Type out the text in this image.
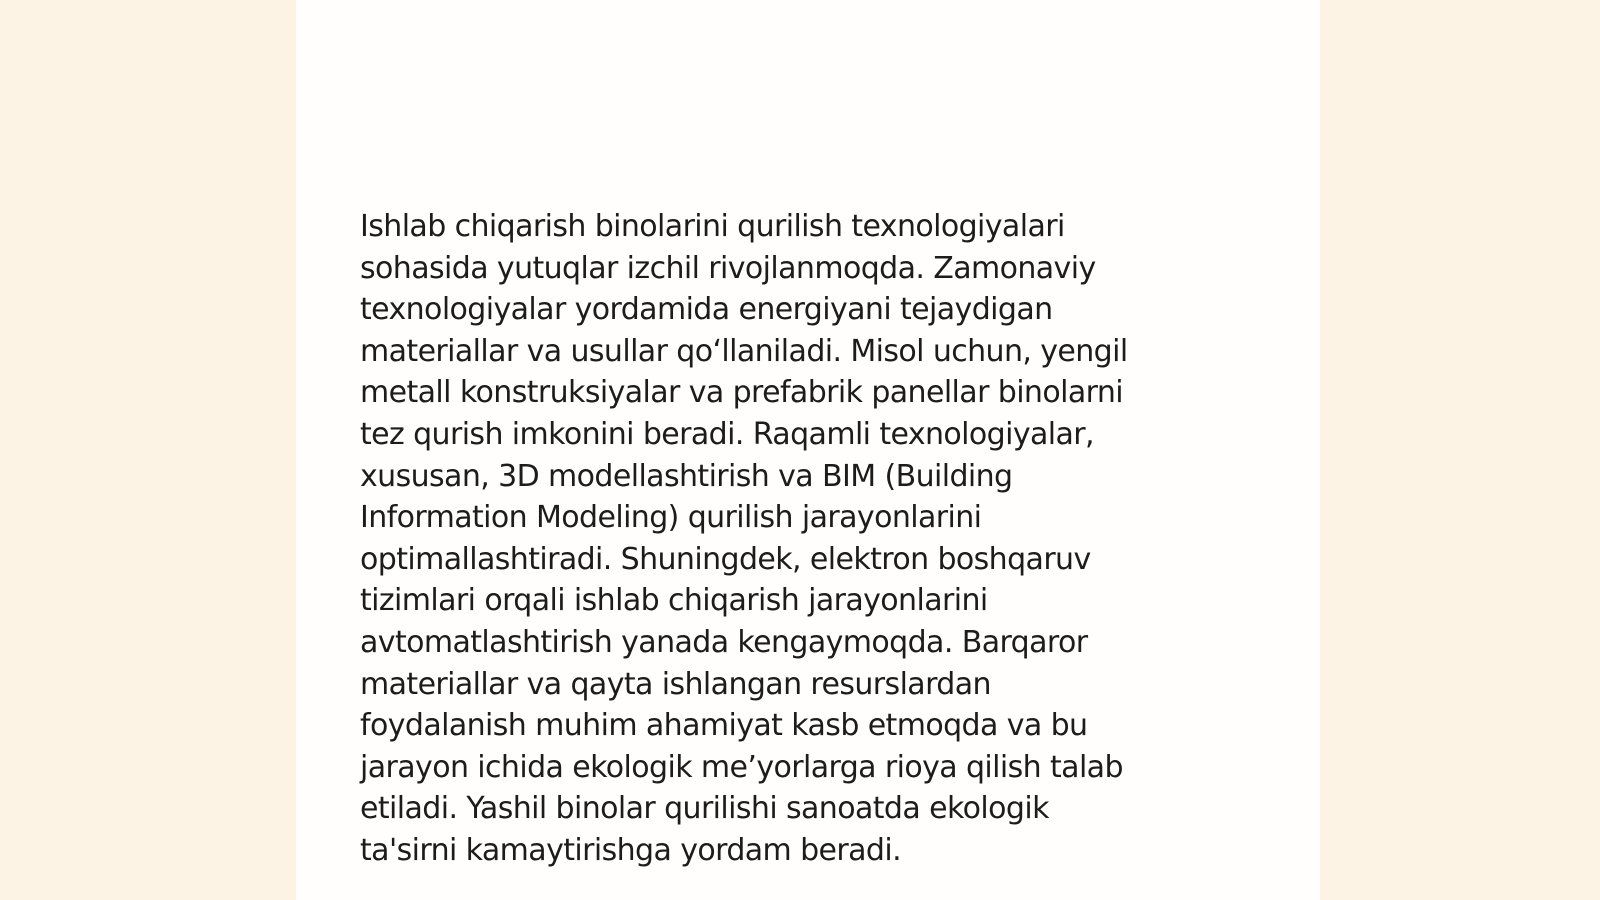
Ishlab chiqarish binolarini qurilish texnologiyalari
sohasida yutuqlar izchil rivojlanmoqda. Zamonaviy
texnologiyalar yordamida energiyani tejaydigan
materiallar va usullar qo‘llaniladi. Misol uchun, yengil
metall konstruksiyalar va prefabrik panellar binolarni
tez qurish imkonini beradi. Raqamli texnologiyalar,
xususan, 3D modellashtirish va BIM (Building
Information Modeling) qurilish jarayonlarini
optimallashtiradi. Shuningdek, elektron boshqaruv
tizimlari orqali ishlab chiqarish jarayonlarini
avtomatlashtirish yanada kengaymoqda. Barqaror
materiallar va qayta ishlangan resurslardan
foydalanish muhim ahamiyat kasb etmoqda va bu
jarayon ichida ekologik me’yorlarga rioya qilish talab
etiladi. Yashil binolar qurilishi sanoatda ekologik
ta'sirni kamaytirishga yordam beradi.
